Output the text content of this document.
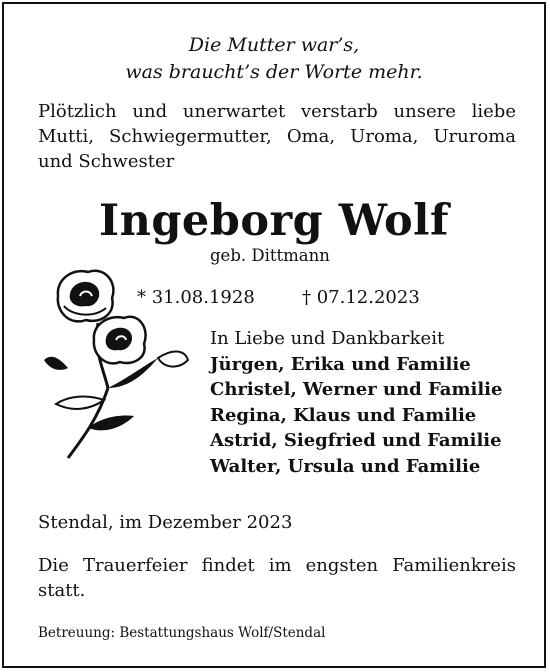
Die Mutter war’s,
was braucht’s der Worte mehr.
Plötzlich und unerwartet verstarb unsere liebe
Mutti, Schwiegermutter, Oma, Uroma, Ururoma
und Schwester
Ingeborg Wolf
geb. Dittmann
* 31.08.1928	† 07.12.2023
In Liebe und Dankbarkeit
Jürgen, Erika und Familie
Christel, Werner und Familie
Regina, Klaus und Familie
Astrid, Siegfried und Familie
Walter, Ursula und Familie
Stendal, im Dezember 2023
Die Trauerfeier findet im engsten Familienkreis
statt.
Betreuung: Bestattungshaus Wolf/Stendal
